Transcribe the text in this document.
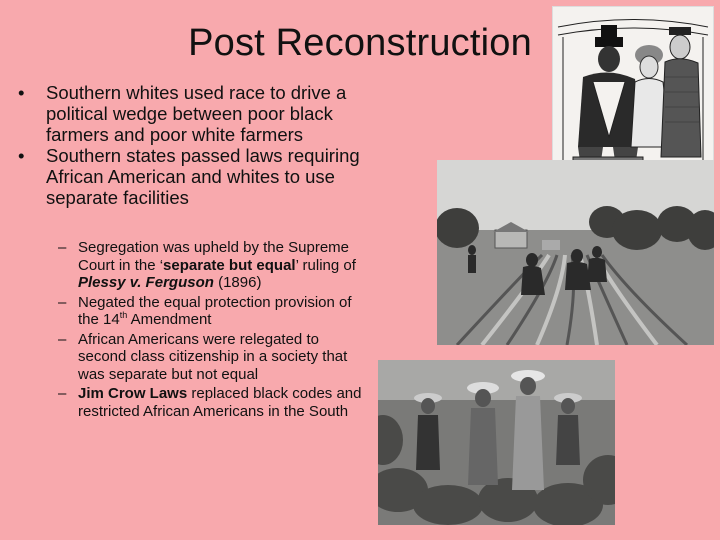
Post Reconstruction
• Southern whites used race to drive a political wedge between poor black farmers and poor white farmers
• Southern states passed laws requiring African American and whites to use separate facilities
– Segregation was upheld by the Supreme Court in the ‘separate but equal’ ruling of Plessy v. Ferguson (1896)
– Negated the equal protection provision of the 14th Amendment
– African Americans were relegated to second class citizenship in a society that was separate but not equal
– Jim Crow Laws replaced black codes and restricted African Americans in the South
